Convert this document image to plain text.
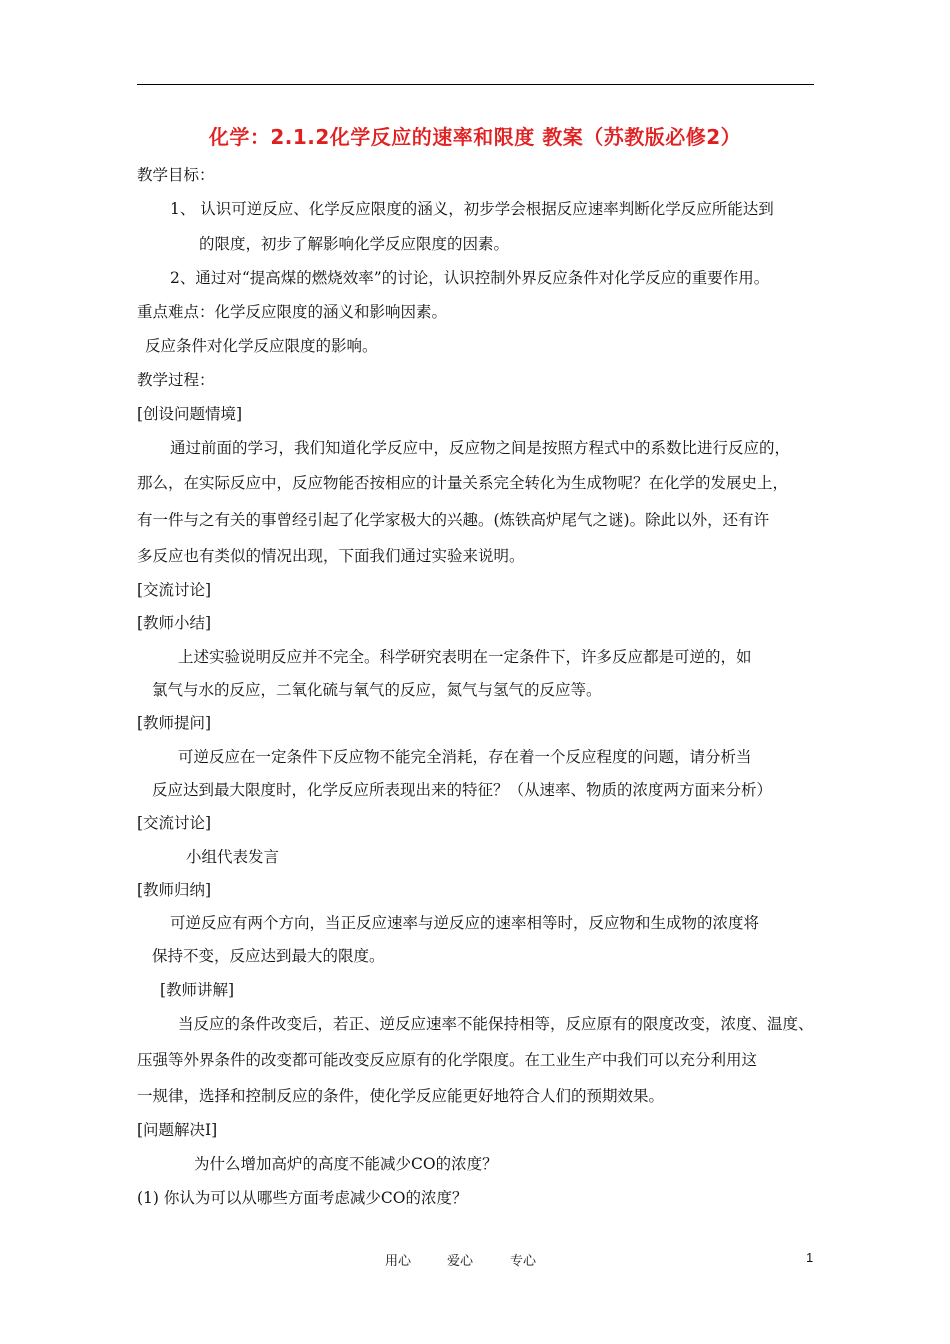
化学：2.1.2化学反应的速率和限度 教案（苏教版必修2）
教学目标：
1、 认识可逆反应、化学反应限度的涵义，初步学会根据反应速率判断化学反应所能达到
的限度，初步了解影响化学反应限度的因素。
2、通过对“提高煤的燃烧效率”的讨论，认识控制外界反应条件对化学反应的重要作用。
重点难点：化学反应限度的涵义和影响因素。
反应条件对化学反应限度的影响。
教学过程：
[创设问题情境]
通过前面的学习，我们知道化学反应中，反应物之间是按照方程式中的系数比进行反应的，
那么，在实际反应中，反应物能否按相应的计量关系完全转化为生成物呢？在化学的发展史上，
有一件与之有关的事曾经引起了化学家极大的兴趣。(炼铁高炉尾气之谜)。除此以外，还有许
多反应也有类似的情况出现，下面我们通过实验来说明。
[交流讨论]
[教师小结]
上述实验说明反应并不完全。科学研究表明在一定条件下，许多反应都是可逆的，如
氯气与水的反应，二氧化硫与氧气的反应，氮气与氢气的反应等。
[教师提问]
可逆反应在一定条件下反应物不能完全消耗，存在着一个反应程度的问题，请分析当
反应达到最大限度时，化学反应所表现出来的特征？（从速率、物质的浓度两方面来分析）
[交流讨论]
小组代表发言
[教师归纳]
可逆反应有两个方向，当正反应速率与逆反应的速率相等时，反应物和生成物的浓度将
保持不变，反应达到最大的限度。
[教师讲解]
当反应的条件改变后，若正、逆反应速率不能保持相等，反应原有的限度改变，浓度、温度、
压强等外界条件的改变都可能改变反应原有的化学限度。在工业生产中我们可以充分利用这
一规律，选择和控制反应的条件，使化学反应能更好地符合人们的预期效果。
[问题解决Ⅰ]
为什么增加高炉的高度不能减少CO的浓度？
(1) 你认为可以从哪些方面考虑减少CO的浓度？
用心	爱心	专心	1
